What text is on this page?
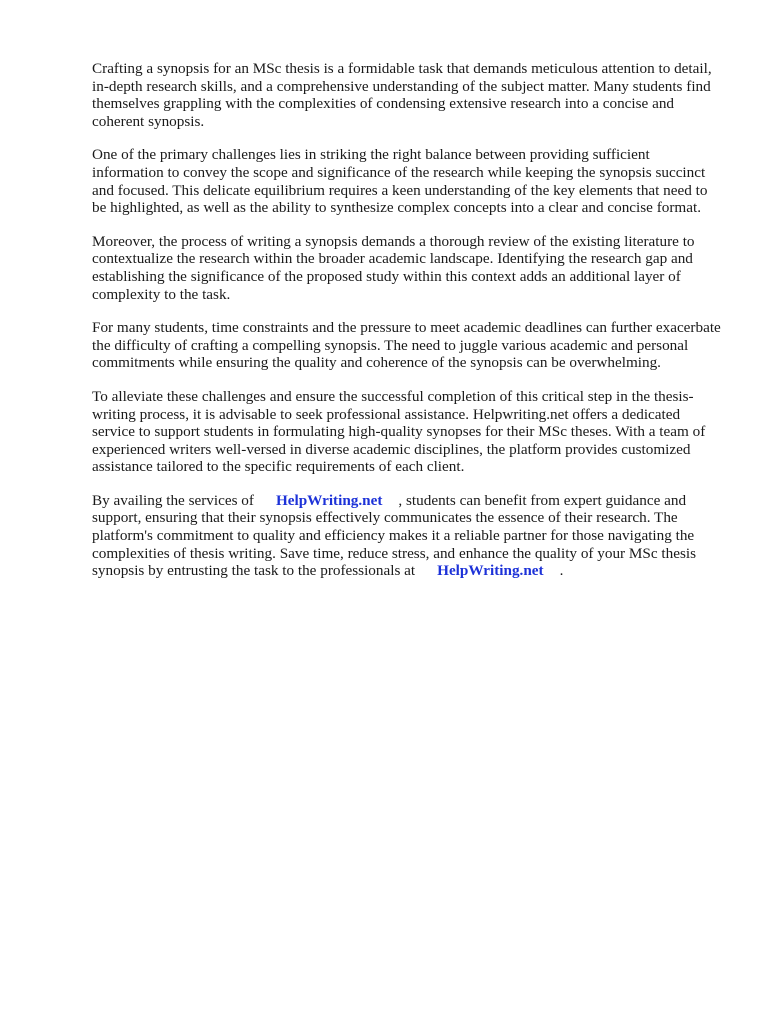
Crafting a synopsis for an MSc thesis is a formidable task that demands meticulous attention to detail, in-depth research skills, and a comprehensive understanding of the subject matter. Many students find themselves grappling with the complexities of condensing extensive research into a concise and coherent synopsis.

One of the primary challenges lies in striking the right balance between providing sufficient information to convey the scope and significance of the research while keeping the synopsis succinct and focused. This delicate equilibrium requires a keen understanding of the key elements that need to be highlighted, as well as the ability to synthesize complex concepts into a clear and concise format.

Moreover, the process of writing a synopsis demands a thorough review of the existing literature to contextualize the research within the broader academic landscape. Identifying the research gap and establishing the significance of the proposed study within this context adds an additional layer of complexity to the task.

For many students, time constraints and the pressure to meet academic deadlines can further exacerbate the difficulty of crafting a compelling synopsis. The need to juggle various academic and personal commitments while ensuring the quality and coherence of the synopsis can be overwhelming.

To alleviate these challenges and ensure the successful completion of this critical step in the thesis-writing process, it is advisable to seek professional assistance. Helpwriting.net offers a dedicated service to support students in formulating high-quality synopses for their MSc theses. With a team of experienced writers well-versed in diverse academic disciplines, the platform provides customized assistance tailored to the specific requirements of each client.

By availing the services of HelpWriting.net , students can benefit from expert guidance and support, ensuring that their synopsis effectively communicates the essence of their research. The platform's commitment to quality and efficiency makes it a reliable partner for those navigating the complexities of thesis writing. Save time, reduce stress, and enhance the quality of your MSc thesis synopsis by entrusting the task to the professionals at HelpWriting.net .
